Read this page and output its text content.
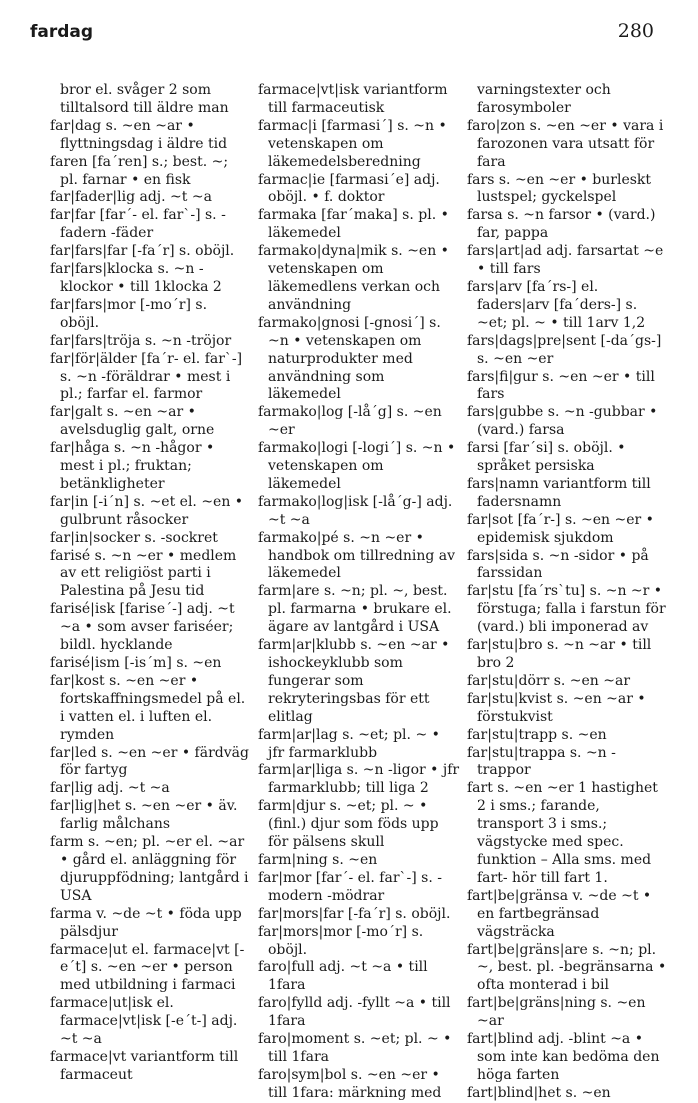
fardag	280

bror el. svåger 2 som tilltalsord till äldre man

far|dag s. ~en ~ar • flyttningsdag i äldre tid

faren [fa´ren] s.; best. ~; pl. farnar • en fisk

far|fader|lig adj. ~t ~a

far|far [far´- el. far`-] s. -fadern -fäder

far|fars|far [-fa´r] s. oböjl.

far|fars|klocka s. ~n -klockor • till 1klocka 2

far|fars|mor [-mo´r] s. oböjl.

far|fars|tröja s. ~n -tröjor

far|för|älder [fa´r- el. far`-] s. ~n -föräldrar • mest i pl.; farfar el. farmor

far|galt s. ~en ~ar • avelsduglig galt, orne

far|håga s. ~n -hågor • mest i pl.; fruktan; betänkligheter

far|in [-i´n] s. ~et el. ~en • gulbrunt råsocker

far|in|socker s. -sockret

farisé s. ~n ~er • medlem av ett religiöst parti i Palestina på Jesu tid

farisé|isk [farise´-] adj. ~t ~a • som avser fariséer; bildl. hycklande

farisé|ism [-is´m] s. ~en

far|kost s. ~en ~er • fortskaffningsmedel på el. i vatten el. i luften el. rymden

far|led s. ~en ~er • färdväg för fartyg

far|lig adj. ~t ~a

far|lig|het s. ~en ~er • äv. farlig målchans

farm s. ~en; pl. ~er el. ~ar • gård el. anläggning för djuruppfödning; lantgård i USA

farma v. ~de ~t • föda upp pälsdjur

farmace|ut el. farmace|vt [-e´t] s. ~en ~er • person med utbildning i farmaci

farmace|ut|isk el. farmace|vt|isk [-e´t-] adj. ~t ~a

farmace|vt variantform till farmaceut

farmace|vt|isk variantform till farmaceutisk

farmac|i [farmasi´] s. ~n • vetenskapen om läkemedelsberedning

farmac|ie [farmasi´e] adj. oböjl. • f. doktor

farmaka [far´maka] s. pl. • läkemedel

farmako|dyna|mik s. ~en • vetenskapen om läkemedlens verkan och användning

farmako|gnosi [-gnosi´] s. ~n • vetenskapen om naturprodukter med användning som läkemedel

farmako|log [-lå´g] s. ~en ~er

farmako|logi [-logi´] s. ~n • vetenskapen om läkemedel

farmako|log|isk [-lå´g-] adj. ~t ~a

farmako|pé s. ~n ~er • handbok om tillredning av läkemedel

farm|are s. ~n; pl. ~, best. pl. farmarna • brukare el. ägare av lantgård i USA

farm|ar|klubb s. ~en ~ar • ishockeyklubb som fungerar som rekryteringsbas för ett elitlag

farm|ar|lag s. ~et; pl. ~ • jfr farmarklubb

farm|ar|liga s. ~n -ligor • jfr farmarklubb; till liga 2

farm|djur s. ~et; pl. ~ • (finl.) djur som föds upp för pälsens skull

farm|ning s. ~en

far|mor [far´- el. far`-] s. -modern -mödrar

far|mors|far [-fa´r] s. oböjl.

far|mors|mor [-mo´r] s. oböjl.

faro|full adj. ~t ~a • till 1fara

faro|fylld adj. -fyllt ~a • till 1fara

faro|moment s. ~et; pl. ~ • till 1fara

faro|sym|bol s. ~en ~er • till 1fara: märkning med

varningstexter och farosymboler

faro|zon s. ~en ~er • vara i farozonen vara utsatt för fara

fars s. ~en ~er • burleskt lustspel; gyckelspel

farsa s. ~n farsor • (vard.) far, pappa

fars|art|ad adj. farsartat ~e • till fars

fars|arv [fa´rs-] el. faders|arv [fa´ders-] s. ~et; pl. ~ • till 1arv 1,2

fars|dags|pre|sent [-da´gs-] s. ~en ~er

fars|fi|gur s. ~en ~er • till fars

fars|gubbe s. ~n -gubbar • (vard.) farsa

farsi [far´si] s. oböjl. • språket persiska

fars|namn variantform till fadersnamn

far|sot [fa´r-] s. ~en ~er • epidemisk sjukdom

fars|sida s. ~n -sidor • på farssidan

far|stu [fa´rs`tu] s. ~n ~r • förstuga; falla i farstun för (vard.) bli imponerad av

far|stu|bro s. ~n ~ar • till bro 2

far|stu|dörr s. ~en ~ar

far|stu|kvist s. ~en ~ar • förstukvist

far|stu|trapp s. ~en

far|stu|trappa s. ~n -trappor

fart s. ~en ~er 1 hastighet 2 i sms.; farande, transport 3 i sms.; vägstycke med spec. funktion – Alla sms. med fart- hör till fart 1.

fart|be|gränsa v. ~de ~t • en fartbegränsad vägsträcka

fart|be|gräns|are s. ~n; pl. ~, best. pl. -begränsarna • ofta monterad i bil

fart|be|gräns|ning s. ~en ~ar

fart|blind adj. -blint ~a • som inte kan bedöma den höga farten

fart|blind|het s. ~en
